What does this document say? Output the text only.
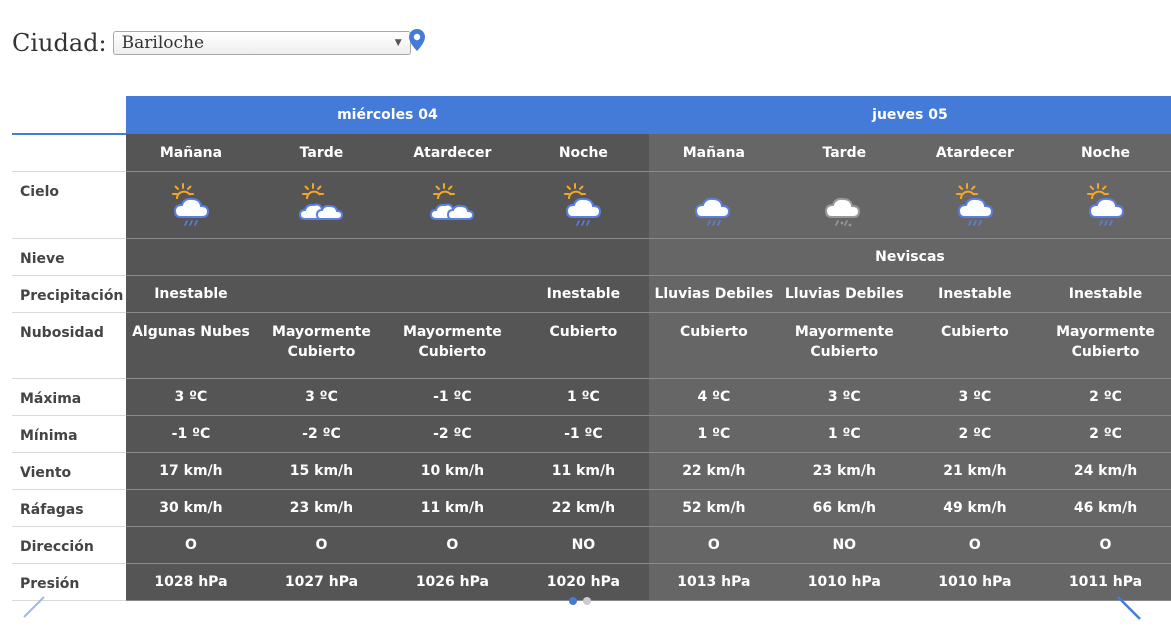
Ciudad: Bariloche	▼
	miércoles 04				jueves 05			
	Mañana	Tarde	Atardecer	Noche	Mañana	Tarde	Atardecer	Noche
Cielo								
Nieve					Neviscas			
Precipitación	Inestable			Inestable	Lluvias Debiles	Lluvias Debiles	Inestable	Inestable
Nubosidad	Algunas Nubes	Mayormente Cubierto	Mayormente Cubierto	Cubierto	Cubierto	Mayormente Cubierto	Cubierto	Mayormente Cubierto
Máxima	3 ºC	3 ºC	-1 ºC	1 ºC	4 ºC	3 ºC	3 ºC	2 ºC
Mínima	-1 ºC	-2 ºC	-2 ºC	-1 ºC	1 ºC	1 ºC	2 ºC	2 ºC
Viento	17 km/h	15 km/h	10 km/h	11 km/h	22 km/h	23 km/h	21 km/h	24 km/h
Ráfagas	30 km/h	23 km/h	11 km/h	22 km/h	52 km/h	66 km/h	49 km/h	46 km/h
Dirección	O	O	O	NO	O	NO	O	O
Presión	1028 hPa	1027 hPa	1026 hPa	1020 hPa	1013 hPa	1010 hPa	1010 hPa	1011 hPa
